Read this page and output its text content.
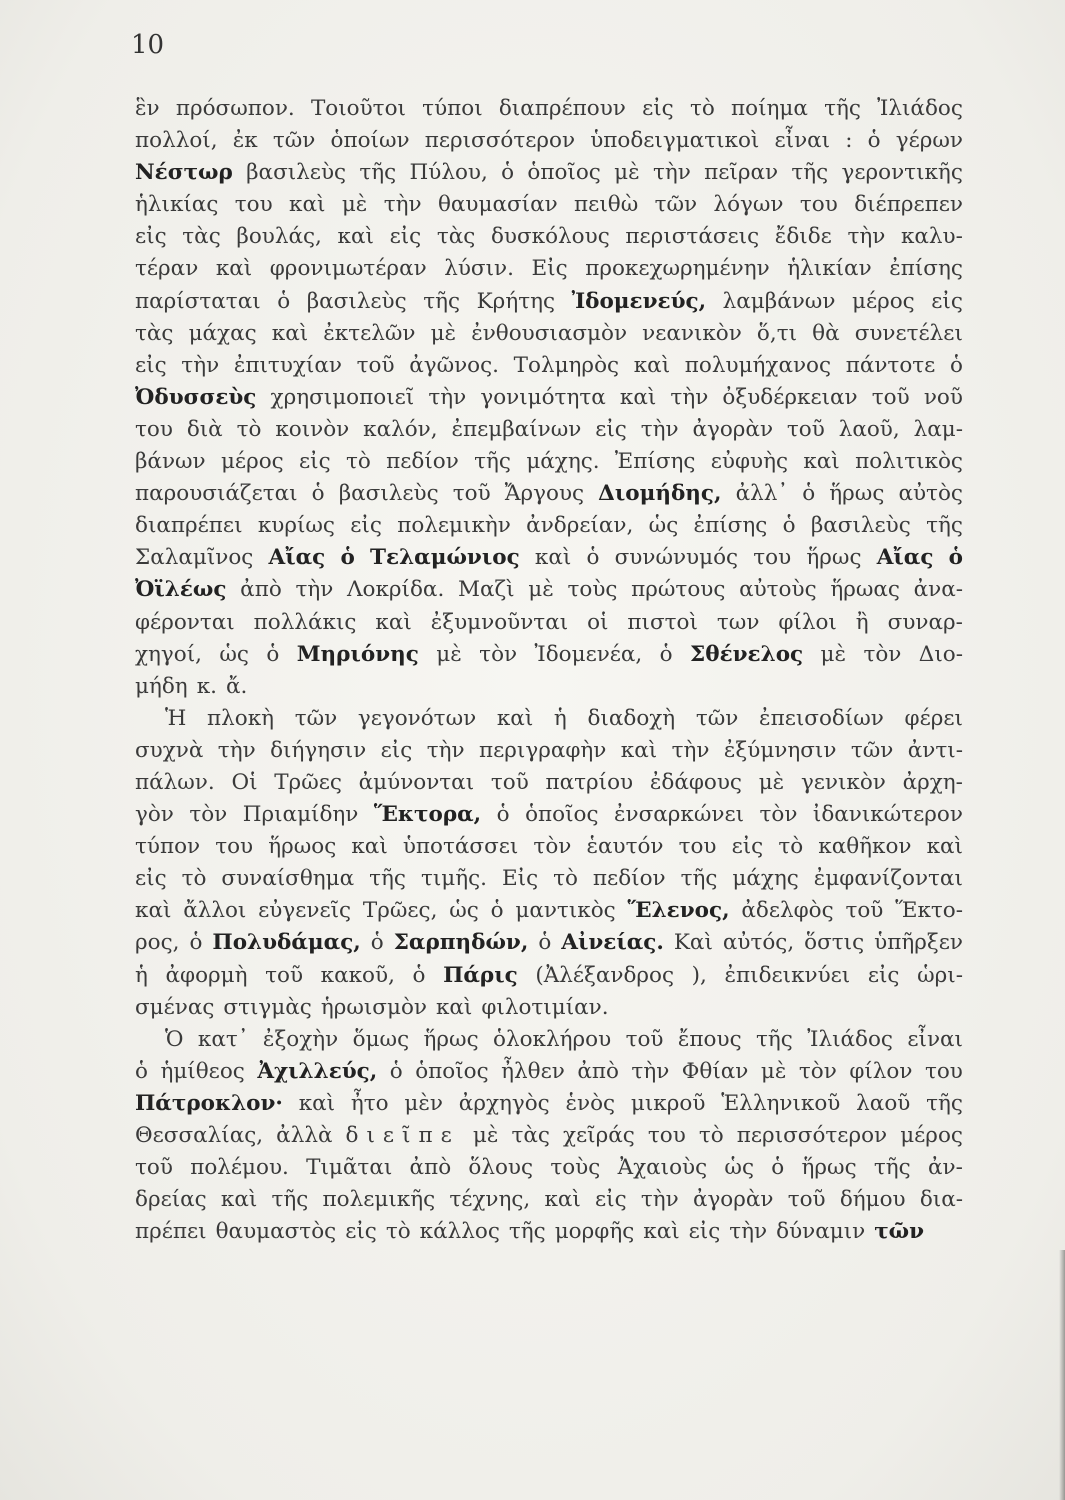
10
ἓν πρόσωπον. Τοιοῦτοι τύποι διαπρέπουν εἰς τὸ ποίημα τῆς Ἰλιάδος
πολλοί, ἐκ τῶν ὁποίων περισσότερον ὑποδειγματικοὶ εἶναι : ὁ γέρων
Νέστωρ βασιλεὺς τῆς Πύλου, ὁ ὁποῖος μὲ τὴν πεῖραν τῆς γεροντικῆς
ἡλικίας του καὶ μὲ τὴν θαυμασίαν πειθὼ τῶν λόγων του διέπρεπεν
εἰς τὰς βουλάς, καὶ εἰς τὰς δυσκόλους περιστάσεις ἔδιδε τὴν καλυ-
τέραν καὶ φρονιμωτέραν λύσιν. Εἰς προκεχωρημένην ἡλικίαν ἐπίσης
παρίσταται ὁ βασιλεὺς τῆς Κρήτης Ἰδομενεύς, λαμβάνων μέρος εἰς
τὰς μάχας καὶ ἐκτελῶν μὲ ἐνθουσιασμὸν νεανικὸν ὅ,τι θὰ συνετέλει
εἰς τὴν ἐπιτυχίαν τοῦ ἀγῶνος. Τολμηρὸς καὶ πολυμήχανος πάντοτε ὁ
Ὀδυσσεὺς χρησιμοποιεῖ τὴν γονιμότητα καὶ τὴν ὀξυδέρκειαν τοῦ νοῦ
του διὰ τὸ κοινὸν καλόν, ἐπεμβαίνων εἰς τὴν ἀγορὰν τοῦ λαοῦ, λαμ-
βάνων μέρος εἰς τὸ πεδίον τῆς μάχης. Ἐπίσης εὐφυὴς καὶ πολιτικὸς
παρουσιάζεται ὁ βασιλεὺς τοῦ Ἄργους Διομήδης, ἀλλ᾽ ὁ ἥρως αὐτὸς
διαπρέπει κυρίως εἰς πολεμικὴν ἀνδρείαν, ὡς ἐπίσης ὁ βασιλεὺς τῆς
Σαλαμῖνος Αἴας ὁ Τελαμώνιος καὶ ὁ συνώνυμός του ἥρως Αἴας ὁ
Ὀϊλέως ἀπὸ τὴν Λοκρίδα. Μαζὶ μὲ τοὺς πρώτους αὐτοὺς ἥρωας ἀνα-
φέρονται πολλάκις καὶ ἐξυμνοῦνται οἱ πιστοὶ των φίλοι ἢ συναρ-
χηγοί, ὡς ὁ Μηριόνης μὲ τὸν Ἰδομενέα, ὁ Σθένελος μὲ τὸν Διο-
μήδη κ. ἄ.
Ἡ πλοκὴ τῶν γεγονότων καὶ ἡ διαδοχὴ τῶν ἐπεισοδίων φέρει
συχνὰ τὴν διήγησιν εἰς τὴν περιγραφὴν καὶ τὴν ἐξύμνησιν τῶν ἀντι-
πάλων. Οἱ Τρῶες ἀμύνονται τοῦ πατρίου ἐδάφους μὲ γενικὸν ἀρχη-
γὸν τὸν Πριαμίδην Ἕκτορα, ὁ ὁποῖος ἐνσαρκώνει τὸν ἰδανικώτερον
τύπον του ἥρωος καὶ ὑποτάσσει τὸν ἑαυτόν του εἰς τὸ καθῆκον καὶ
εἰς τὸ συναίσθημα τῆς τιμῆς. Εἰς τὸ πεδίον τῆς μάχης ἐμφανίζονται
καὶ ἄλλοι εὐγενεῖς Τρῶες, ὡς ὁ μαντικὸς Ἕλενος, ἀδελφὸς τοῦ Ἕκτο-
ρος, ὁ Πολυδάμας, ὁ Σαρπηδών, ὁ Αἰνείας. Καὶ αὐτός, ὅστις ὑπῆρξεν
ἡ ἀφορμὴ τοῦ κακοῦ, ὁ Πάρις (Ἀλέξανδρος ), ἐπιδεικνύει εἰς ὡρι-
σμένας στιγμὰς ἡρωισμὸν καὶ φιλοτιμίαν.
Ὁ κατ᾽ ἐξοχὴν ὅμως ἥρως ὁλοκλήρου τοῦ ἔπους τῆς Ἰλιάδος εἶναι
ὁ ἡμίθεος Ἀχιλλεύς, ὁ ὁποῖος ἦλθεν ἀπὸ τὴν Φθίαν μὲ τὸν φίλον του
Πάτροκλον· καὶ ἦτο μὲν ἀρχηγὸς ἑνὸς μικροῦ Ἑλληνικοῦ λαοῦ τῆς
Θεσσαλίας, ἀλλὰ διεῖπε μὲ τὰς χεῖράς του τὸ περισσότερον μέρος
τοῦ πολέμου. Τιμᾶται ἀπὸ ὅλους τοὺς Ἀχαιοὺς ὡς ὁ ἥρως τῆς ἀν-
δρείας καὶ τῆς πολεμικῆς τέχνης, καὶ εἰς τὴν ἀγορὰν τοῦ δήμου δια-
πρέπει θαυμαστὸς εἰς τὸ κάλλος τῆς μορφῆς καὶ εἰς τὴν δύναμιν τῶν
